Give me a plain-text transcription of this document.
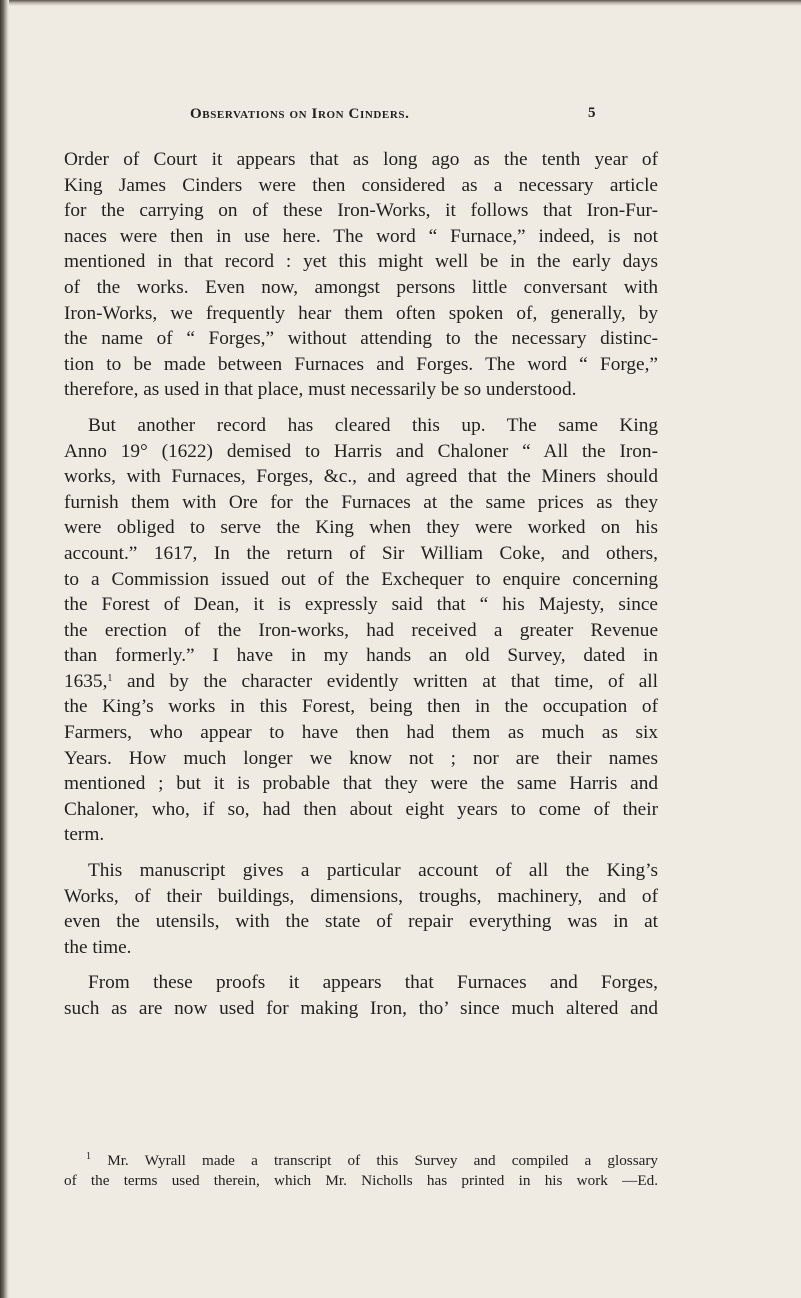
Observations on Iron Cinders.	5
Order of Court it appears that as long ago as the tenth year of
King James Cinders were then considered as a necessary article
for the carrying on of these Iron-Works, it follows that Iron-Fur-
naces were then in use here. The word “ Furnace,” indeed, is not
mentioned in that record : yet this might well be in the early days
of the works. Even now, amongst persons little conversant with
Iron-Works, we frequently hear them often spoken of, generally, by
the name of “ Forges,” without attending to the necessary distinc-
tion to be made between Furnaces and Forges. The word “ Forge,”
therefore, as used in that place, must necessarily be so understood.
But another record has cleared this up. The same King
Anno 19° (1622) demised to Harris and Chaloner “ All the Iron-
works, with Furnaces, Forges, &c., and agreed that the Miners should
furnish them with Ore for the Furnaces at the same prices as they
were obliged to serve the King when they were worked on his
account.” 1617, In the return of Sir William Coke, and others,
to a Commission issued out of the Exchequer to enquire concerning
the Forest of Dean, it is expressly said that “ his Majesty, since
the erection of the Iron-works, had received a greater Revenue
than formerly.” I have in my hands an old Survey, dated in
1635,$^1$ and by the character evidently written at that time, of all
the King’s works in this Forest, being then in the occupation of
Farmers, who appear to have then had them as much as six
Years. How much longer we know not ; nor are their names
mentioned ; but it is probable that they were the same Harris and
Chaloner, who, if so, had then about eight years to come of their
term.
This manuscript gives a particular account of all the King’s
Works, of their buildings, dimensions, troughs, machinery, and of
even the utensils, with the state of repair everything was in at
the time.
From these proofs it appears that Furnaces and Forges,
such as are now used for making Iron, tho’ since much altered and
$^1$ Mr. Wyrall made a transcript of this Survey and compiled a glossary
of the terms used therein, which Mr. Nicholls has printed in his work —Ed.
